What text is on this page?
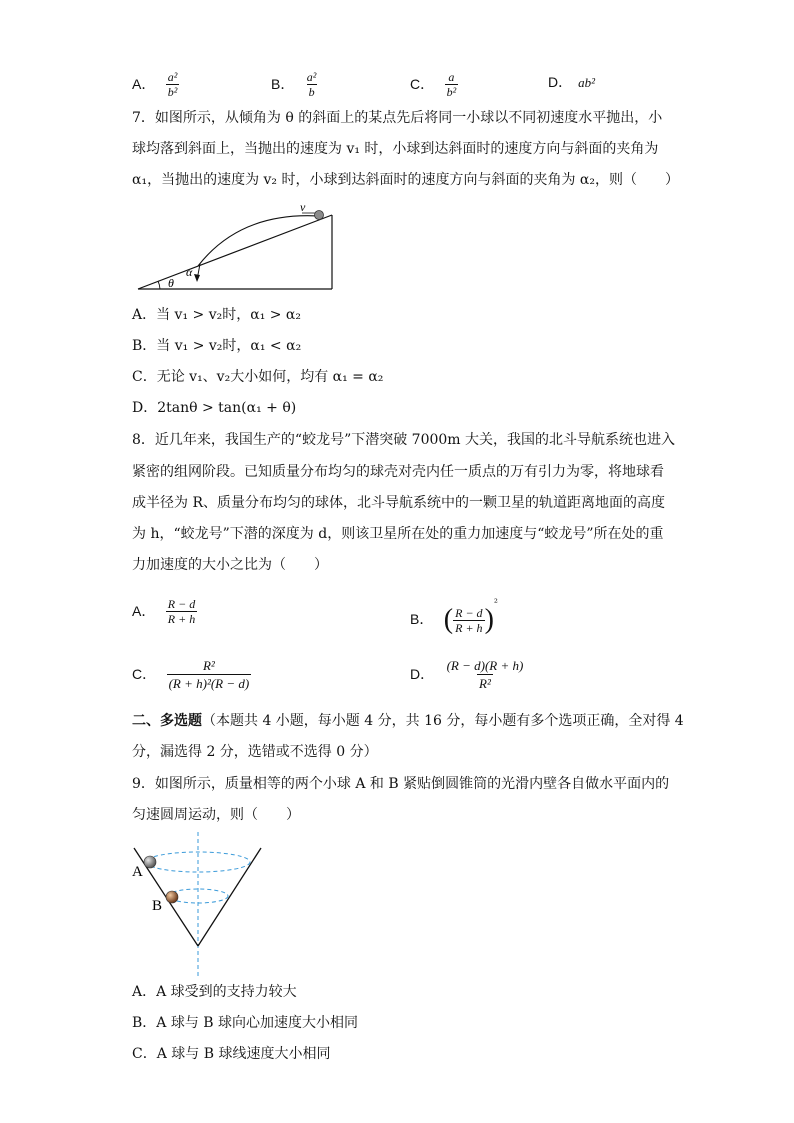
A． $\frac{\text{a²}}{\text{b²}}$	B． $\frac{\text{a²}}{b}$	C． $\frac{a}{\text{b²}}$	D． ab²
7．如图所示，从倾角为 θ 的斜面上的某点先后将同一小球以不同初速度水平抛出，小
球均落到斜面上，当抛出的速度为 v₁ 时，小球到达斜面时的速度方向与斜面的夹角为
α₁，当抛出的速度为 v₂ 时，小球到达斜面时的速度方向与斜面的夹角为 α₂，则（　　）
θ
α
v
A．当 v₁ > v₂时，α₁ > α₂
B．当 v₁ > v₂时，α₁ < α₂
C．无论 v₁、v₂大小如何，均有 α₁ = α₂
D．2tanθ > tan(α₁ + θ)
8．近几年来，我国生产的“蛟龙号”下潜突破 7000m 大关，我国的北斗导航系统也进入
紧密的组网阶段。已知质量分布均匀的球壳对壳内任一质点的万有引力为零，将地球看
成半径为 R、质量分布均匀的球体，北斗导航系统中的一颗卫星的轨道距离地面的高度
为 h，“蛟龙号”下潜的深度为 d，则该卫星所在处的重力加速度与“蛟龙号”所在处的重
力加速度的大小之比为（　　）
A． $\frac{R - d}{R + h}$	B． ( $\frac{R - d}{R + h} )^{^2}$
C． $\frac{\text{R²}}{\text{(R + h)²(R − d)}}$	D． $\frac{(R - d)(R + h)}{\text{R²}}$
二、多选题（本题共 4 小题，每小题 4 分，共 16 分，每小题有多个选项正确，全对得 4
分，漏选得 2 分，选错或不选得 0 分）
9．如图所示，质量相等的两个小球 A 和 B 紧贴倒圆锥筒的光滑内壁各自做水平面内的
匀速圆周运动，则（　　）
A
B
A．A 球受到的支持力较大
B．A 球与 B 球向心加速度大小相同
C．A 球与 B 球线速度大小相同
